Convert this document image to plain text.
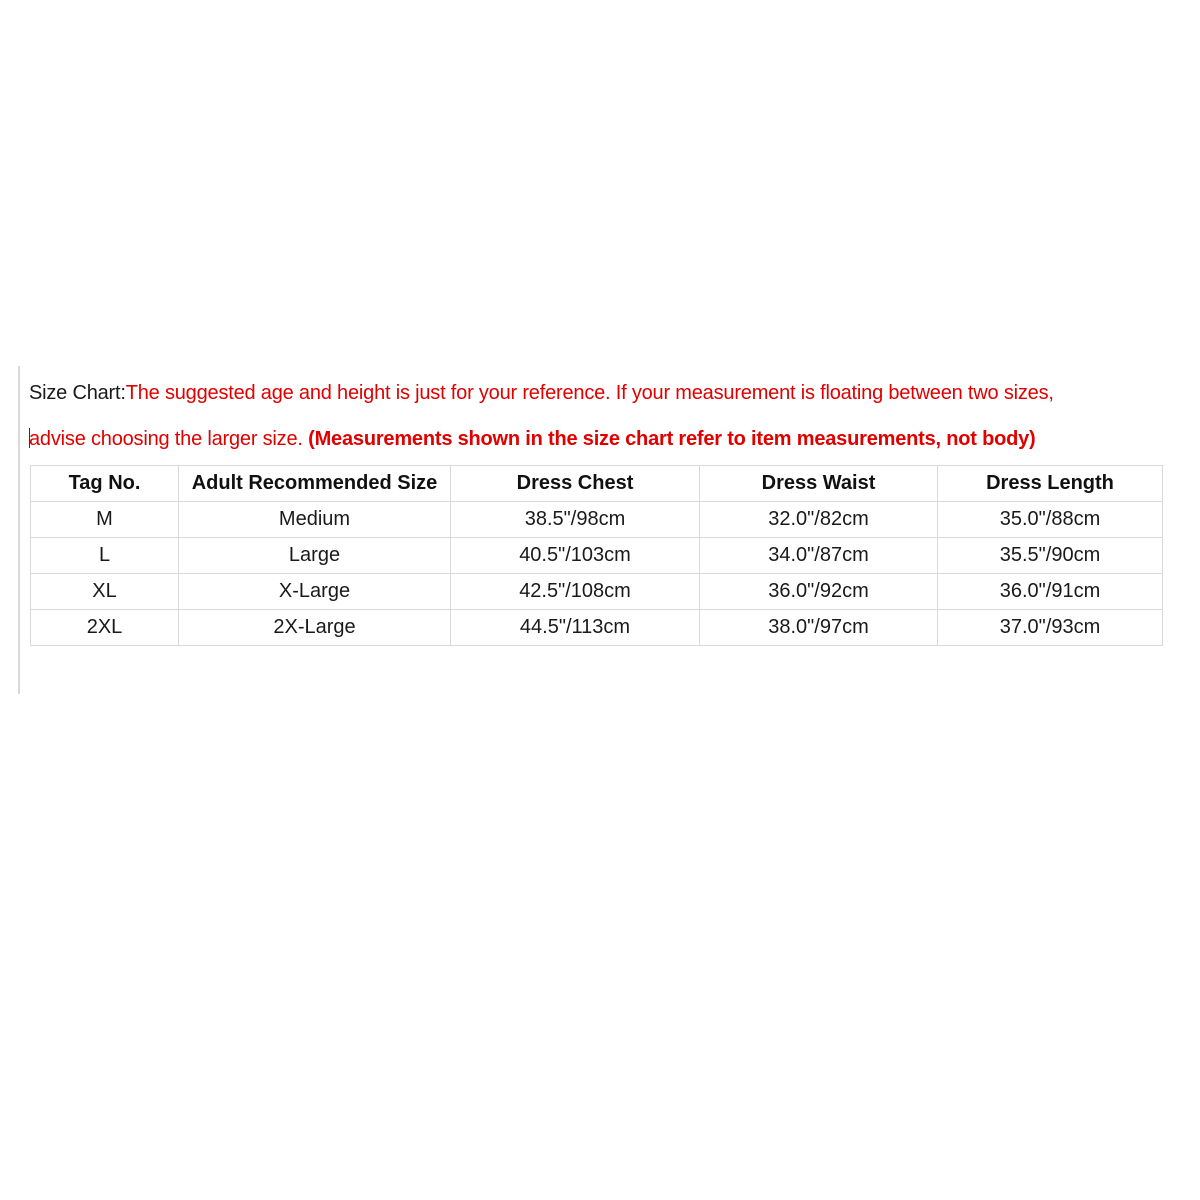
Size Chart:The suggested age and height is just for your reference. If your measurement is floating between two sizes,
advise choosing the larger size. (Measurements shown in the size chart refer to item measurements, not body)
Tag No.	Adult Recommended Size	Dress Chest	Dress Waist	Dress Length
M	Medium	38.5"/98cm	32.0"/82cm	35.0"/88cm
L	Large	40.5"/103cm	34.0"/87cm	35.5"/90cm
XL	X-Large	42.5"/108cm	36.0"/92cm	36.0"/91cm
2XL	2X-Large	44.5"/113cm	38.0"/97cm	37.0"/93cm
